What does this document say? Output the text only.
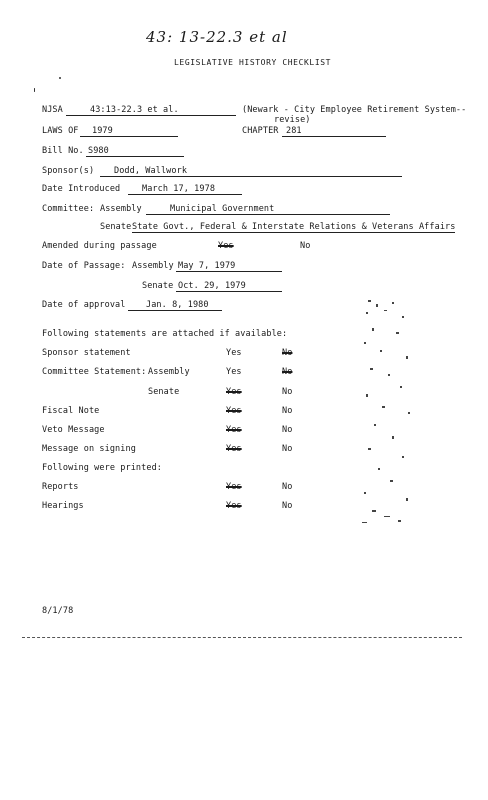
43: 13-22.3 et al
LEGISLATIVE HISTORY CHECKLIST
NJSA	43:13-22.3 et al.	(Newark - City Employee Retirement System--
revise)
LAWS OF	1979	CHAPTER 281
Bill No. S980
Sponsor(s)	Dodd, Wallwork
Date Introduced	March 17, 1978
Committee: Assembly	Municipal Government
Senate State Govt., Federal & Interstate Relations & Veterans Affairs
Amended during passage	Yes	No
Date of Passage: Assembly May 7, 1979
Senate Oct. 29, 1979
Date of approval	Jan. 8, 1980
Following statements are attached if available:
Sponsor statement	Yes	No
Committee Statement: Assembly	Yes	No
Senate	Yes	No
Fiscal Note	Yes	No
Veto Message	Yes	No
Message on signing	Yes	No
Following were printed:
Reports	Yes	No
Hearings	Yes	No
8/1/78
